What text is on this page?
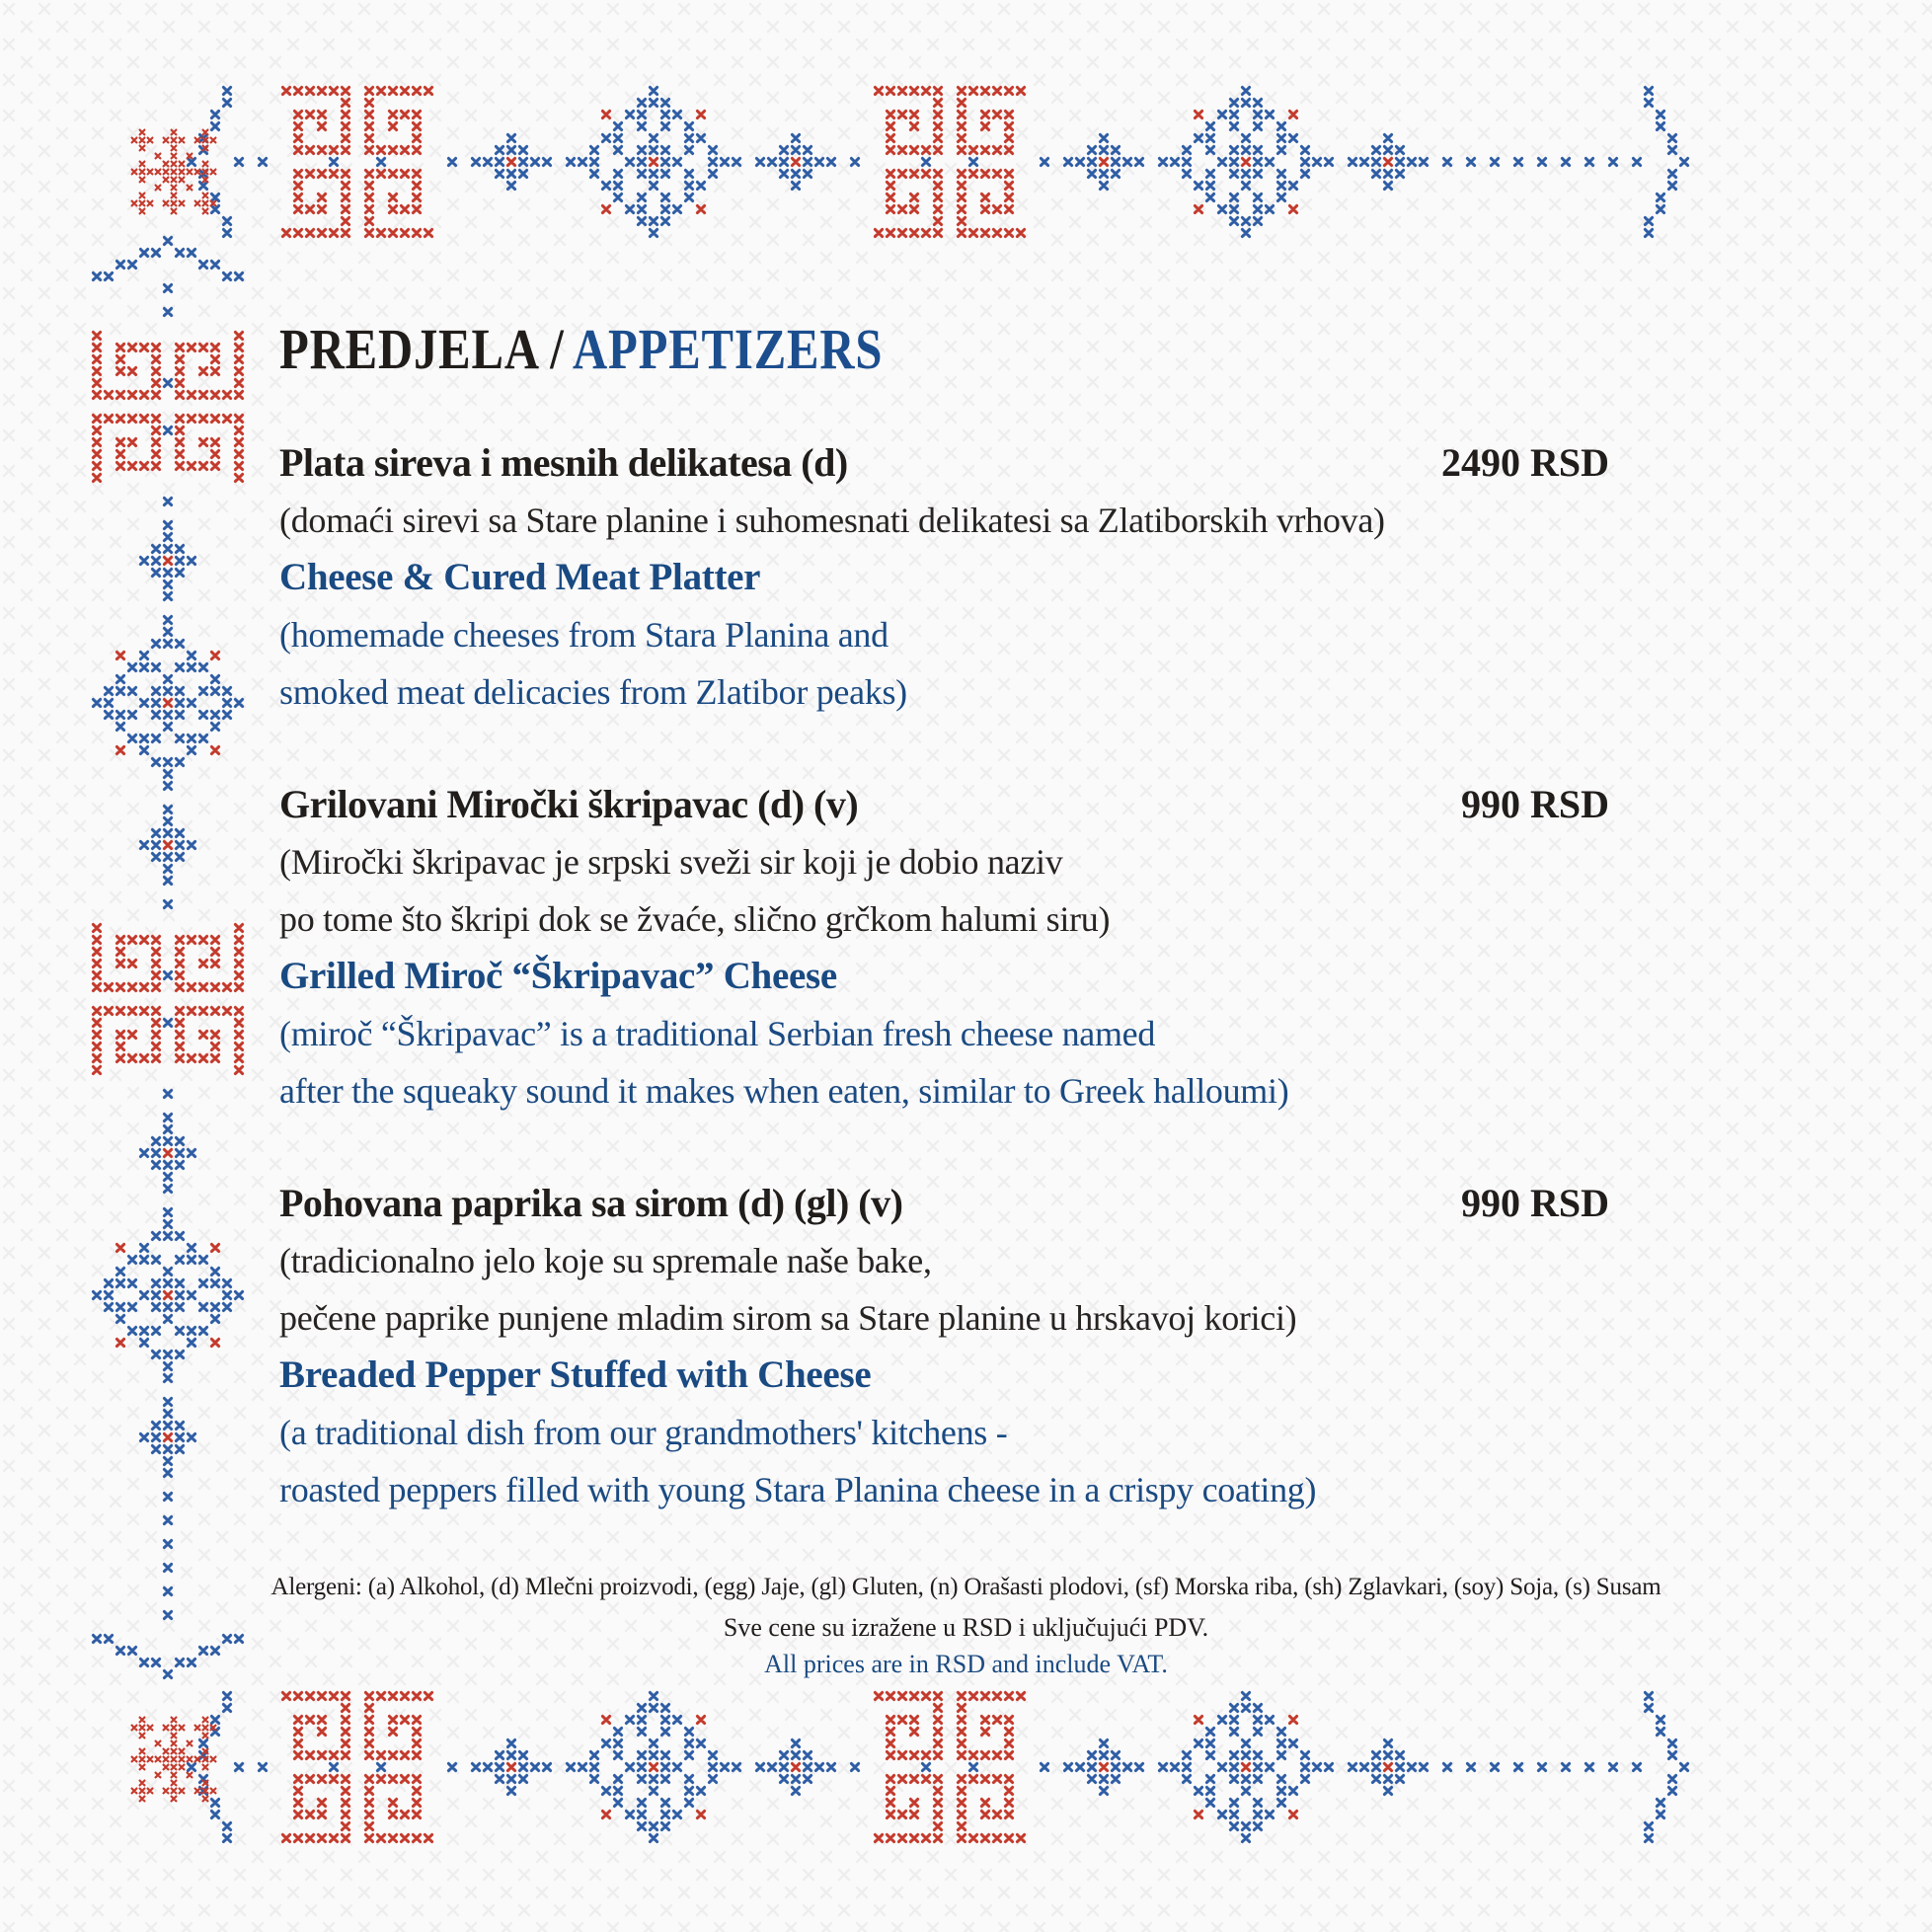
PREDJELA / APPETIZERS
Plata sireva i mesnih delikatesa (d)	2490 RSD
(domaći sirevi sa Stare planine i suhomesnati delikatesi sa Zlatiborskih vrhova)
Cheese & Cured Meat Platter
(homemade cheeses from Stara Planina and
smoked meat delicacies from Zlatibor peaks)
Grilovani Miročki škripavac (d) (v)	990 RSD
(Miročki škripavac je srpski sveži sir koji je dobio naziv
po tome što škripi dok se žvaće, slično grčkom halumi siru)
Grilled Miroč “Škripavac” Cheese
(miroč “Škripavac” is a traditional Serbian fresh cheese named
after the squeaky sound it makes when eaten, similar to Greek halloumi)
Pohovana paprika sa sirom (d) (gl) (v)	990 RSD
(tradicionalno jelo koje su spremale naše bake,
pečene paprike punjene mladim sirom sa Stare planine u hrskavoj korici)
Breaded Pepper Stuffed with Cheese
(a traditional dish from our grandmothers' kitchens -
roasted peppers filled with young Stara Planina cheese in a crispy coating)
Alergeni: (a) Alkohol, (d) Mlečni proizvodi, (egg) Jaje, (gl) Gluten, (n) Orašasti plodovi, (sf) Morska riba, (sh) Zglavkari, (soy) Soja, (s) Susam
Sve cene su izražene u RSD i uključujući PDV.
All prices are in RSD and include VAT.
